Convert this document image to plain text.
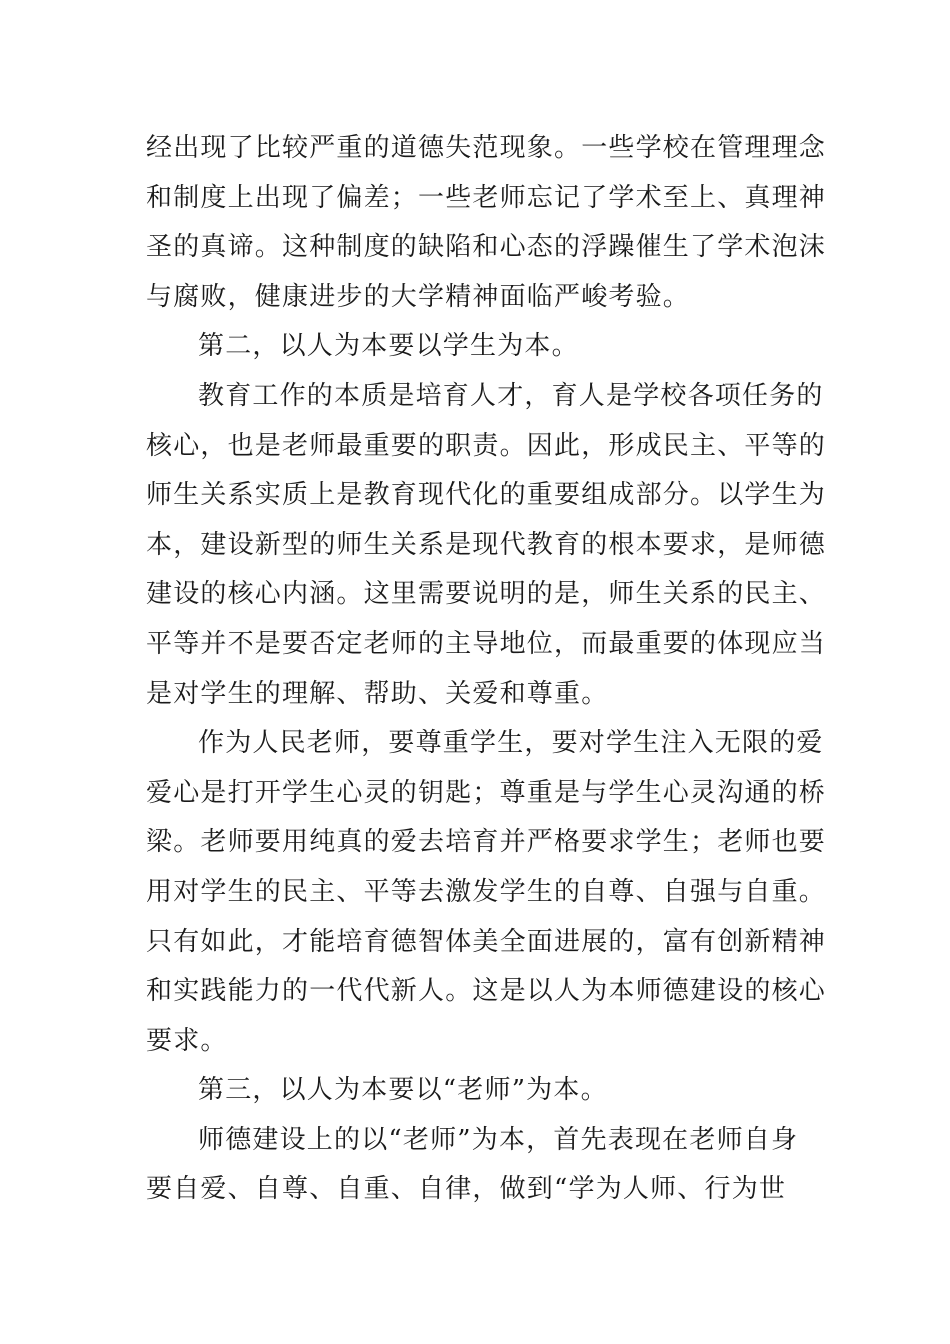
经出现了比较严重的道德失范现象。一些学校在管理理念
和制度上出现了偏差；一些老师忘记了学术至上、真理神
圣的真谛。这种制度的缺陷和心态的浮躁催生了学术泡沫
与腐败，健康进步的大学精神面临严峻考验。
第二，以人为本要以学生为本。
教育工作的本质是培育人才，育人是学校各项任务的
核心，也是老师最重要的职责。因此，形成民主、平等的
师生关系实质上是教育现代化的重要组成部分。以学生为
本，建设新型的师生关系是现代教育的根本要求，是师德
建设的核心内涵。这里需要说明的是，师生关系的民主、
平等并不是要否定老师的主导地位，而最重要的体现应当
是对学生的理解、帮助、关爱和尊重。
作为人民老师，要尊重学生，要对学生注入无限的爱
爱心是打开学生心灵的钥匙；尊重是与学生心灵沟通的桥
梁。老师要用纯真的爱去培育并严格要求学生；老师也要
用对学生的民主、平等去激发学生的自尊、自强与自重。
只有如此，才能培育德智体美全面进展的，富有创新精神
和实践能力的一代代新人。这是以人为本师德建设的核心
要求。
第三，以人为本要以“老师”为本。
师德建设上的以“老师”为本，首先表现在老师自身
要自爱、自尊、自重、自律，做到“学为人师、行为世
